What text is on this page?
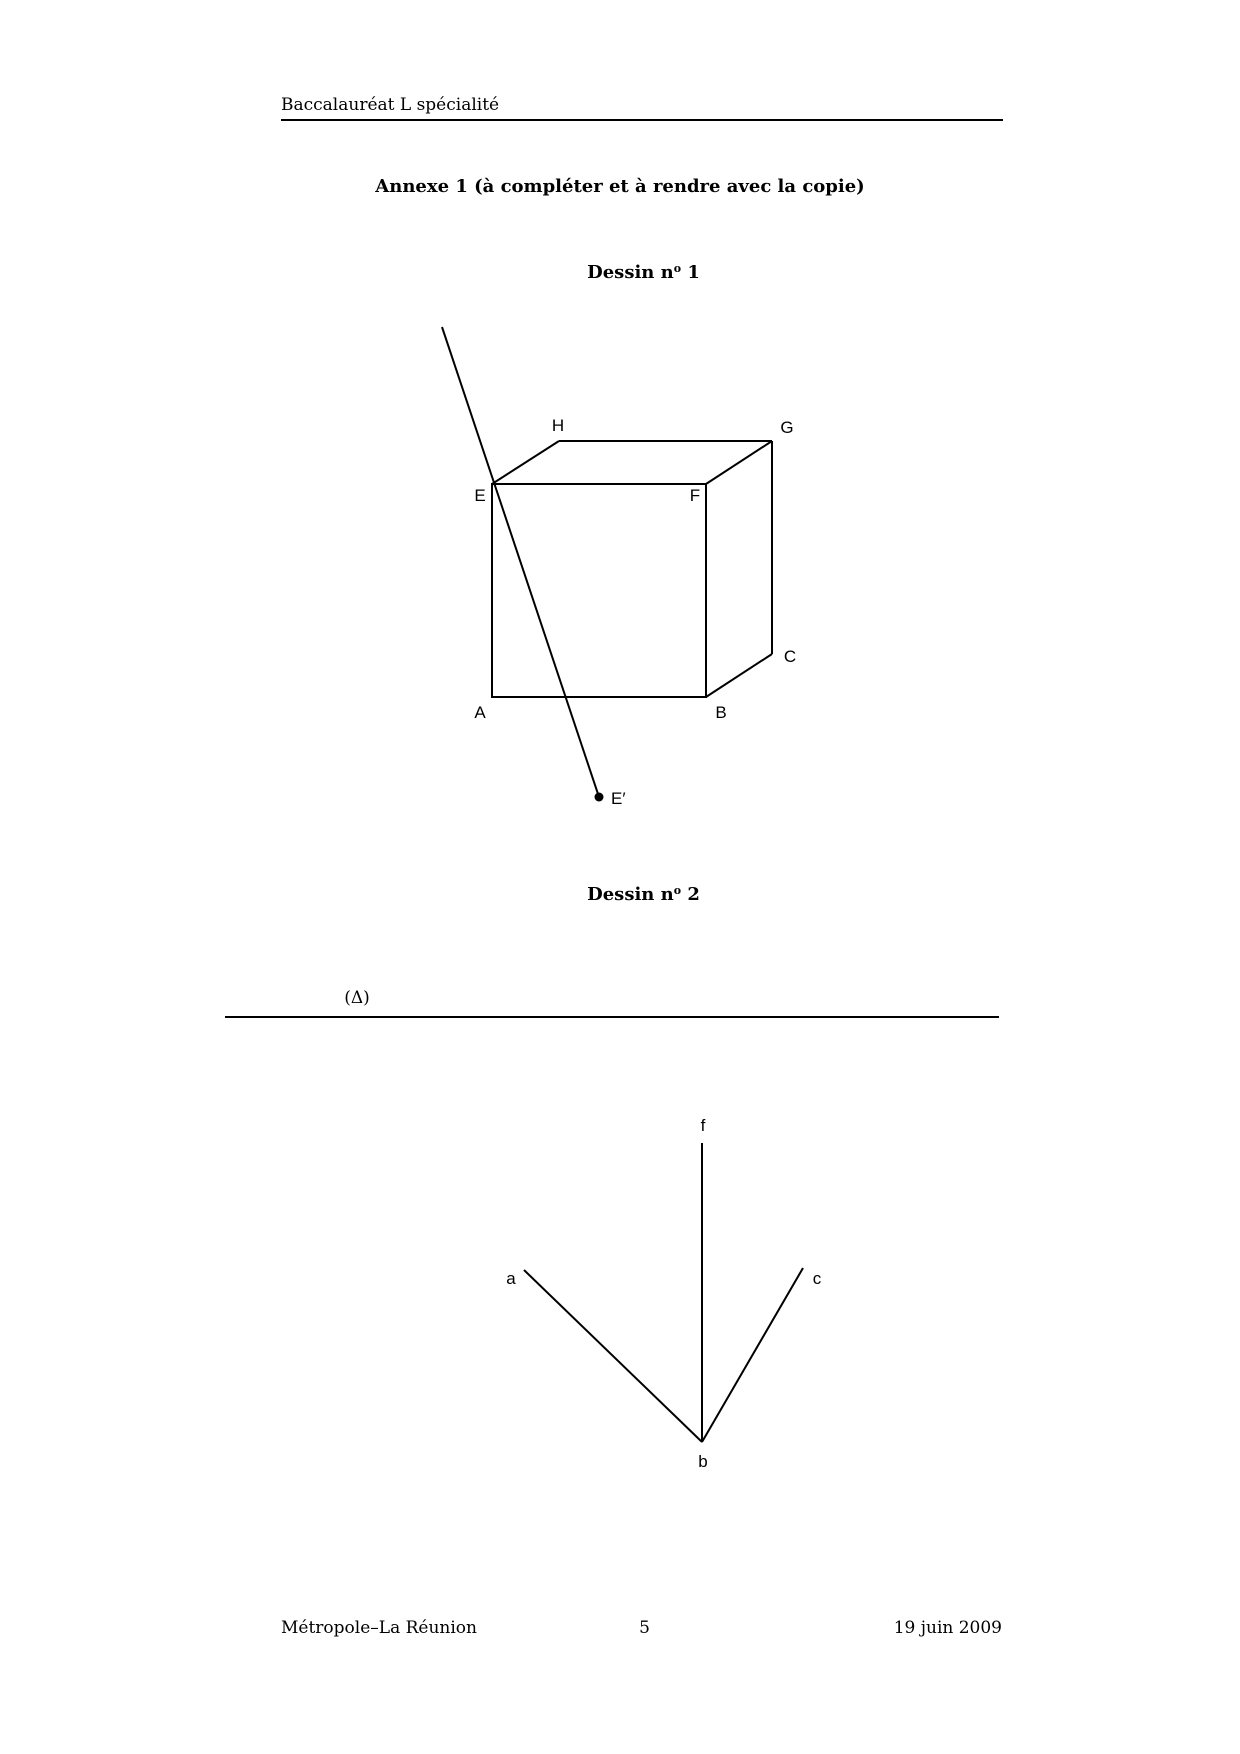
Baccalauréat L spécialité
Annexe 1 (à compléter et à rendre avec la copie)
Dessin $n^o$ 1
Dessin $n^o$ 2
H	G
E	F
C
A	B
E′
(Δ)
f
a	c
b
Métropole–La Réunion	5	19 juin 2009
